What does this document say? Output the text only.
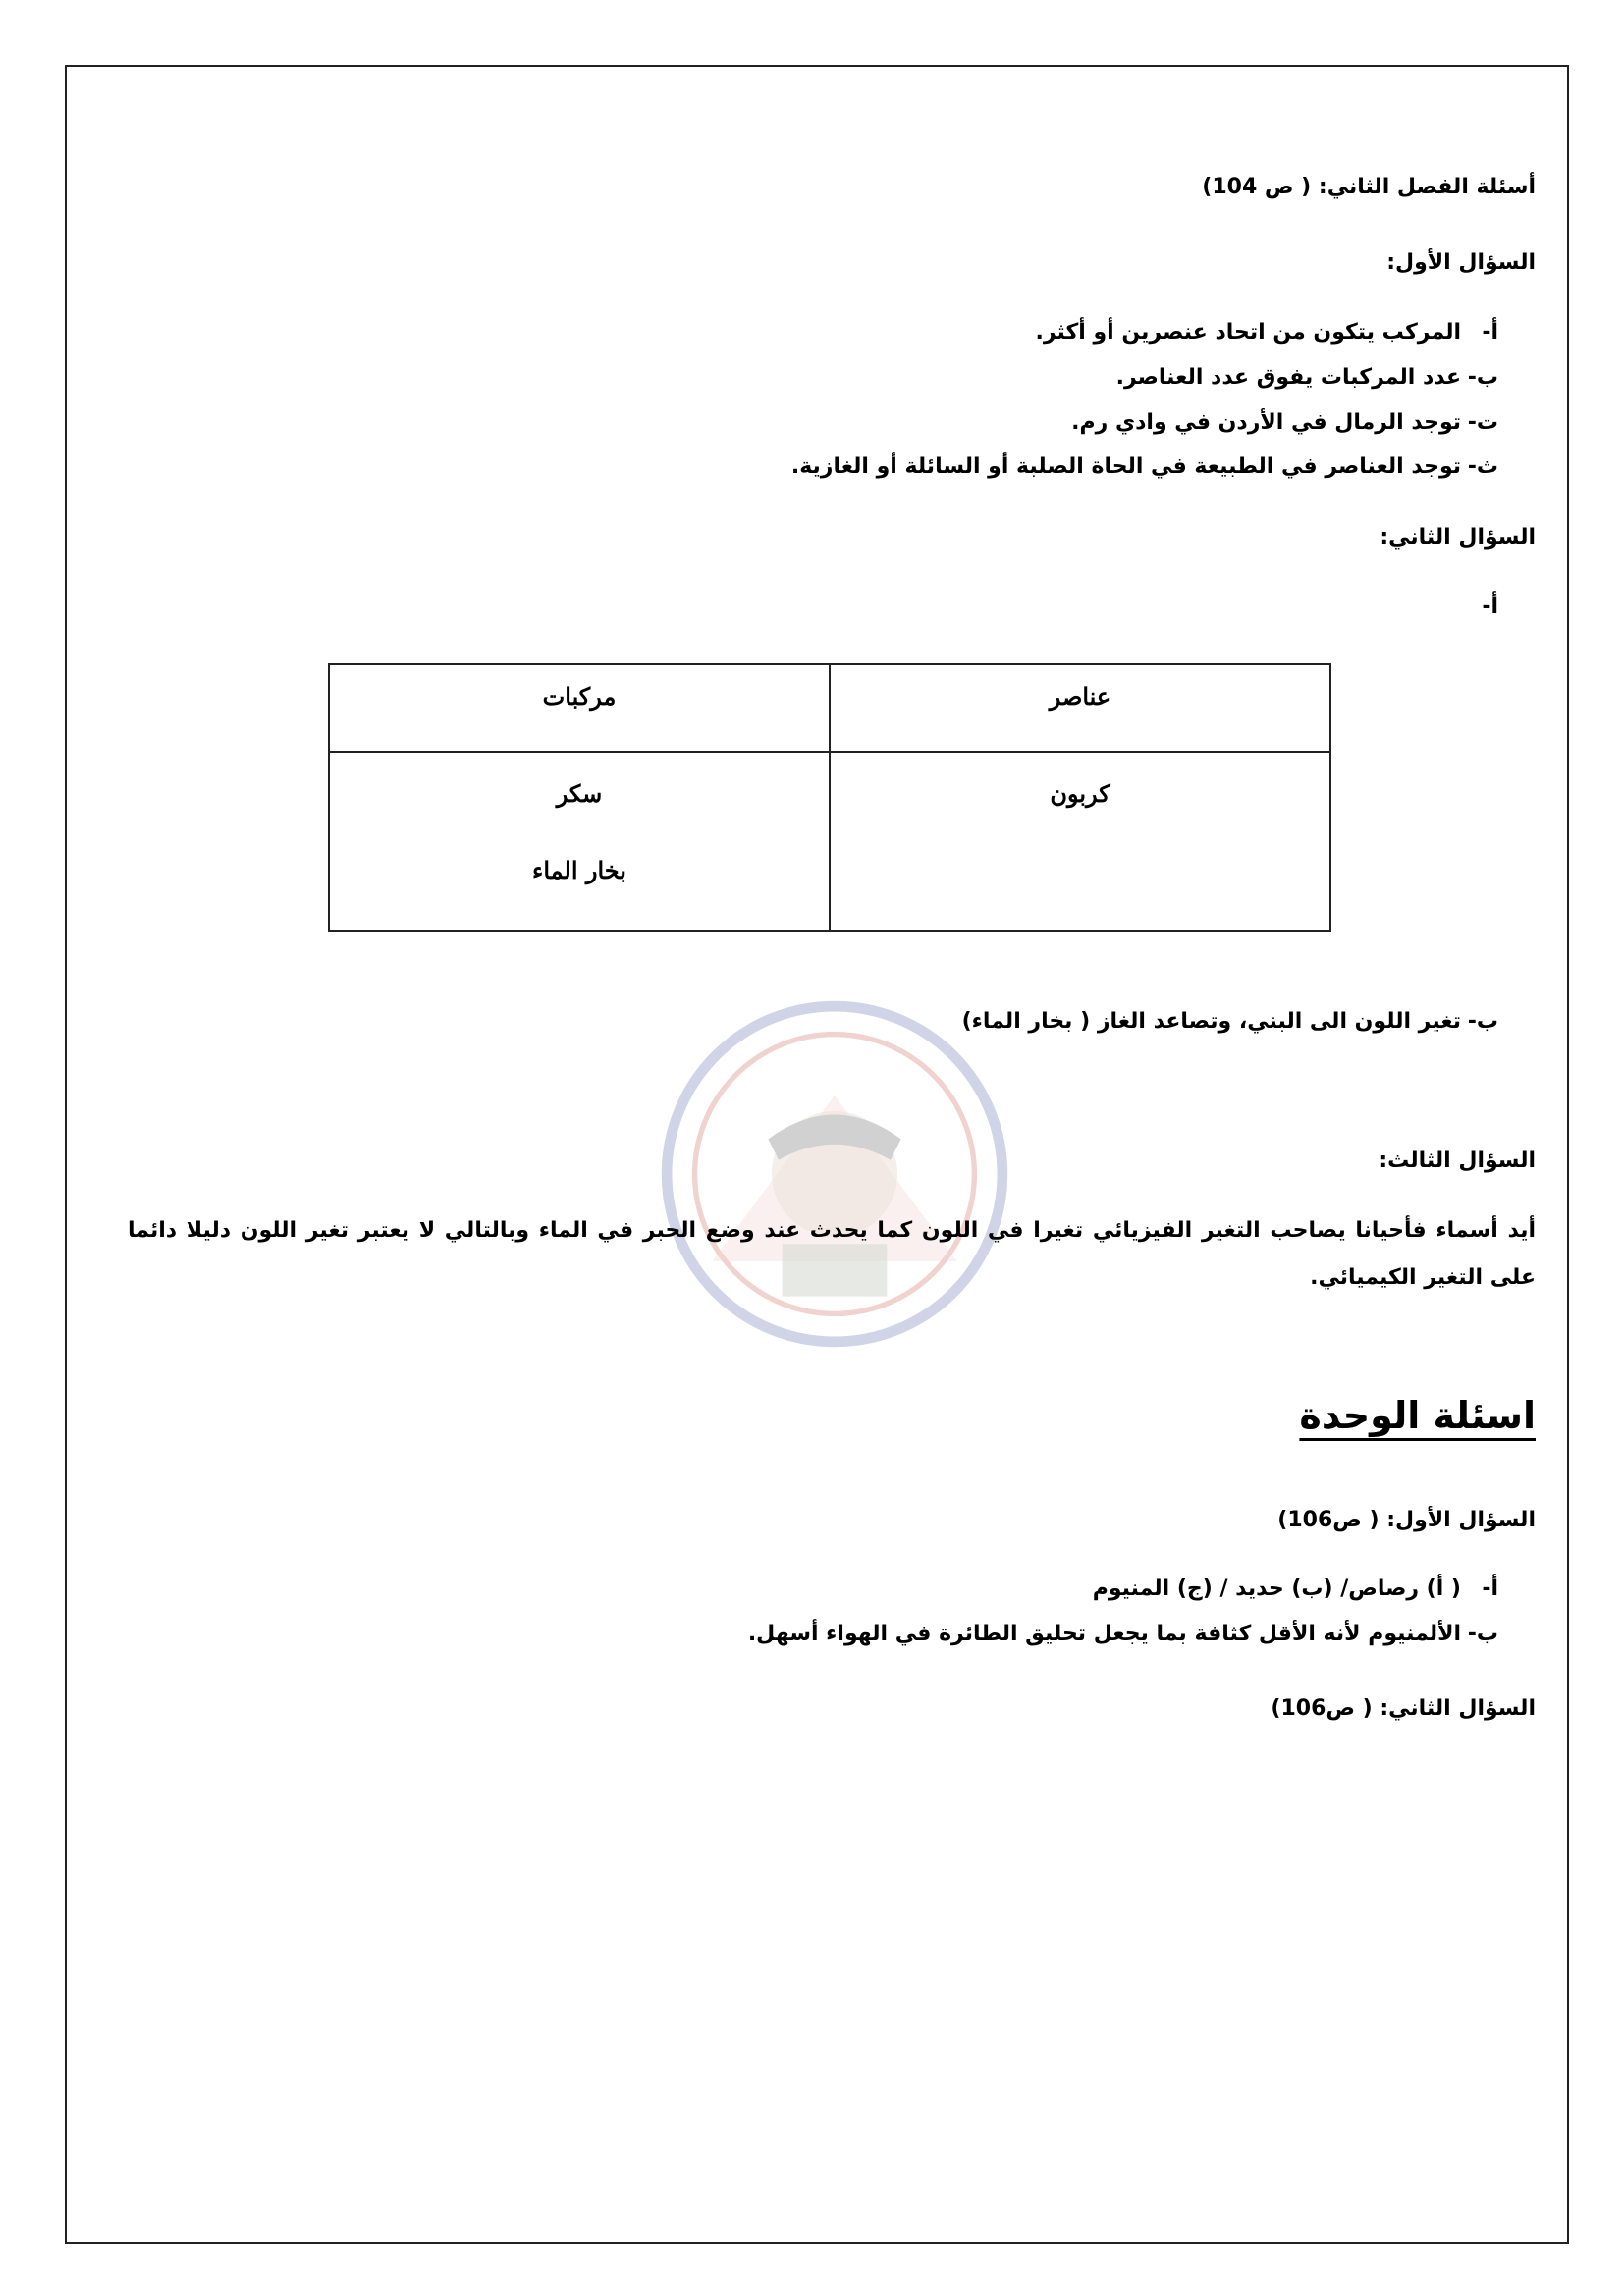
أسئلة الفصل الثاني: ( ص 104)
السؤال الأول:
أ-المركب يتكون من اتحاد عنصرين أو أكثر.
ب-عدد المركبات يفوق عدد العناصر.
ت-توجد الرمال في الأردن في وادي رم.
ث-توجد العناصر في الطبيعة في الحاة الصلبة أو السائلة أو الغازية.
السؤال الثاني:
أ-
ب-تغير اللون الى البني، وتصاعد الغاز ( بخار الماء)
السؤال الثالث:
أيد أسماء فأحيانا يصاحب التغير الفيزيائي تغيرا في اللون كما يحدث عند وضع الحبر في الماء وبالتالي لا يعتبر تغير اللون دليلا دائما على التغير الكيميائي.
اسئلة الوحدة
السؤال الأول: ( ص106)
أ-( أ) رصاص/ (ب) حديد / (ج) المنيوم
ب-الألمنيوم لأنه الأقل كثافة بما يجعل تحليق الطائرة في الهواء أسهل.
السؤال الثاني: ( ص106)
عناصر	مركبات

كربون	سكر
بخار الماء
